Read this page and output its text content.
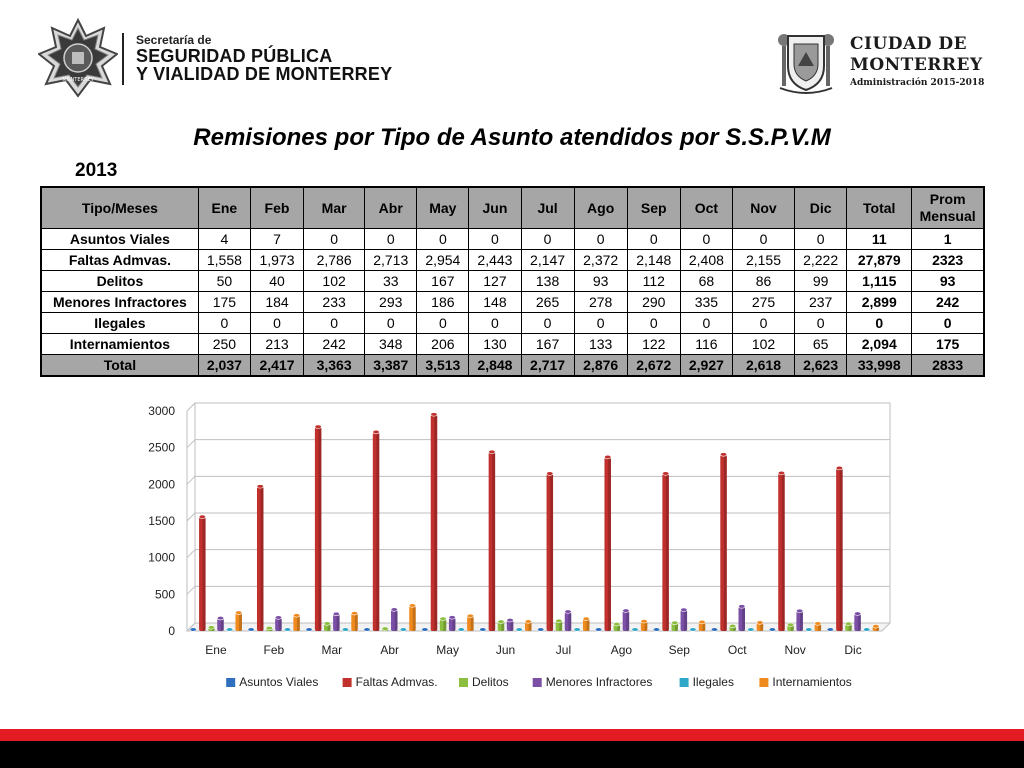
MONTERREY
Secretaría de
SEGURIDAD PÚBLICA
Y VIALIDAD DE MONTERREY
CIUDAD DE
MONTERREY
Administración 2015-2018
Remisiones por Tipo de Asunto atendidos por S.S.P.V.M
2013
Tipo/Meses	Ene	Feb	Mar	Abr	May	Jun	Jul	Ago	Sep	Oct	Nov	Dic	Total	Prom Mensual
Asuntos Viales	4	7	0	0	0	0	0	0	0	0	0	0	11	1
Faltas Admvas.	1,558	1,973	2,786	2,713	2,954	2,443	2,147	2,372	2,148	2,408	2,155	2,222	27,879	2323
Delitos	50	40	102	33	167	127	138	93	112	68	86	99	1,115	93
Menores Infractores	175	184	233	293	186	148	265	278	290	335	275	237	2,899	242
Ilegales	0	0	0	0	0	0	0	0	0	0	0	0	0	0
Internamientos	250	213	242	348	206	130	167	133	122	116	102	65	2,094	175
Total	2,037	2,417	3,363	3,387	3,513	2,848	2,717	2,876	2,672	2,927	2,618	2,623	33,998	2833
0
500
1000
1500
2000
2500
3000
Ene	Feb	Mar	Abr	May	Jun	Jul	Ago	Sep	Oct	Nov	Dic
Asuntos Viales	Faltas Admvas.	Delitos	Menores Infractores	Ilegales	Internamientos
